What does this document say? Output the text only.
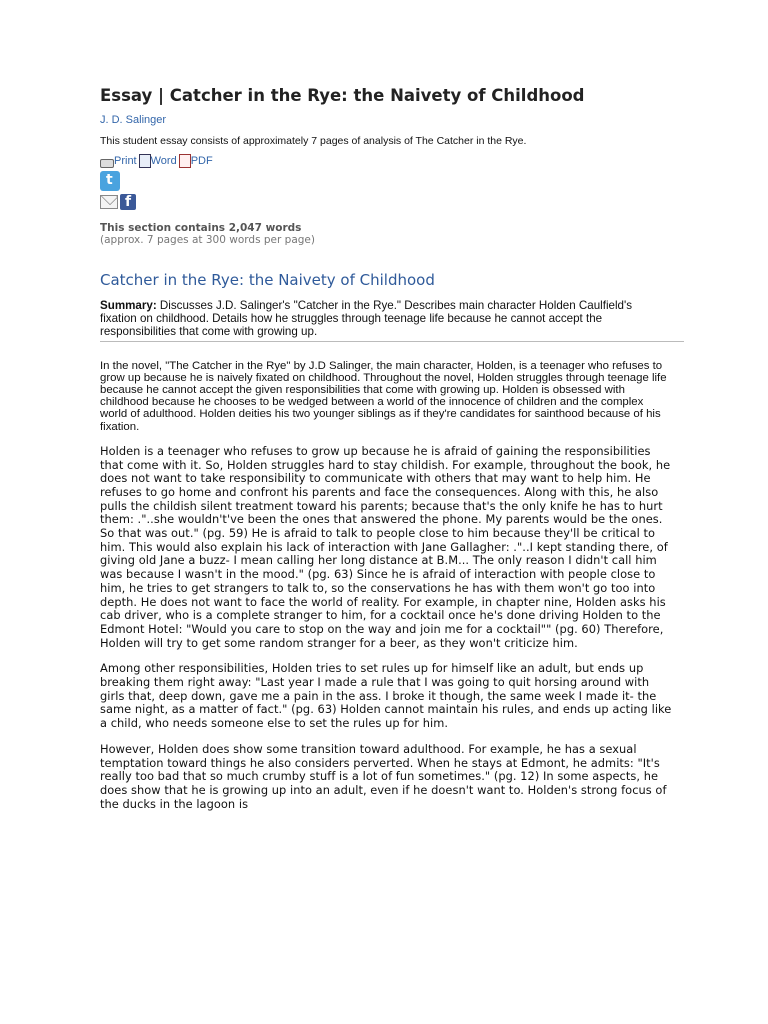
Essay | Catcher in the Rye: the Naivety of Childhood
J. D. Salinger
This student essay consists of approximately 7 pages of analysis of The Catcher in the Rye.
Print Word PDF
t
f
This section contains 2,047 words
(approx. 7 pages at 300 words per page)
Catcher in the Rye: the Naivety of Childhood
Summary: Discusses J.D. Salinger's "Catcher in the Rye." Describes main character Holden Caulfield's fixation on childhood. Details how he struggles through teenage life because he cannot accept the responsibilities that come with growing up.
In the novel, "The Catcher in the Rye" by J.D Salinger, the main character, Holden, is a teenager who refuses to grow up because he is naively fixated on childhood. Throughout the novel, Holden struggles through teenage life because he cannot accept the given responsibilities that come with growing up. Holden is obsessed with childhood because he chooses to be wedged between a world of the innocence of children and the complex world of adulthood. Holden deities his two younger siblings as if they're candidates for sainthood because of his fixation.
Holden is a teenager who refuses to grow up because he is afraid of gaining the responsibilities that come with it. So, Holden struggles hard to stay childish. For example, throughout the book, he does not want to take responsibility to communicate with others that may want to help him. He refuses to go home and confront his parents and face the consequences. Along with this, he also pulls the childish silent treatment toward his parents; because that's the only knife he has to hurt them: ."..she wouldn't've been the ones that answered the phone. My parents would be the ones. So that was out." (pg. 59) He is afraid to talk to people close to him because they'll be critical to him. This would also explain his lack of interaction with Jane Gallagher: ."..I kept standing there, of giving old Jane a buzz- I mean calling her long distance at B.M... The only reason I didn't call him was because I wasn't in the mood." (pg. 63) Since he is afraid of interaction with people close to him, he tries to get strangers to talk to, so the conservations he has with them won't go too into depth. He does not want to face the world of reality. For example, in chapter nine, Holden asks his cab driver, who is a complete stranger to him, for a cocktail once he's done driving Holden to the Edmont Hotel: "Would you care to stop on the way and join me for a cocktail"" (pg. 60) Therefore, Holden will try to get some random stranger for a beer, as they won't criticize him.
Among other responsibilities, Holden tries to set rules up for himself like an adult, but ends up breaking them right away: "Last year I made a rule that I was going to quit horsing around with girls that, deep down, gave me a pain in the ass. I broke it though, the same week I made it- the same night, as a matter of fact." (pg. 63) Holden cannot maintain his rules, and ends up acting like a child, who needs someone else to set the rules up for him.
However, Holden does show some transition toward adulthood. For example, he has a sexual temptation toward things he also considers perverted. When he stays at Edmont, he admits: "It's really too bad that so much crumby stuff is a lot of fun sometimes." (pg. 12) In some aspects, he does show that he is growing up into an adult, even if he doesn't want to. Holden's strong focus of the ducks in the lagoon is
